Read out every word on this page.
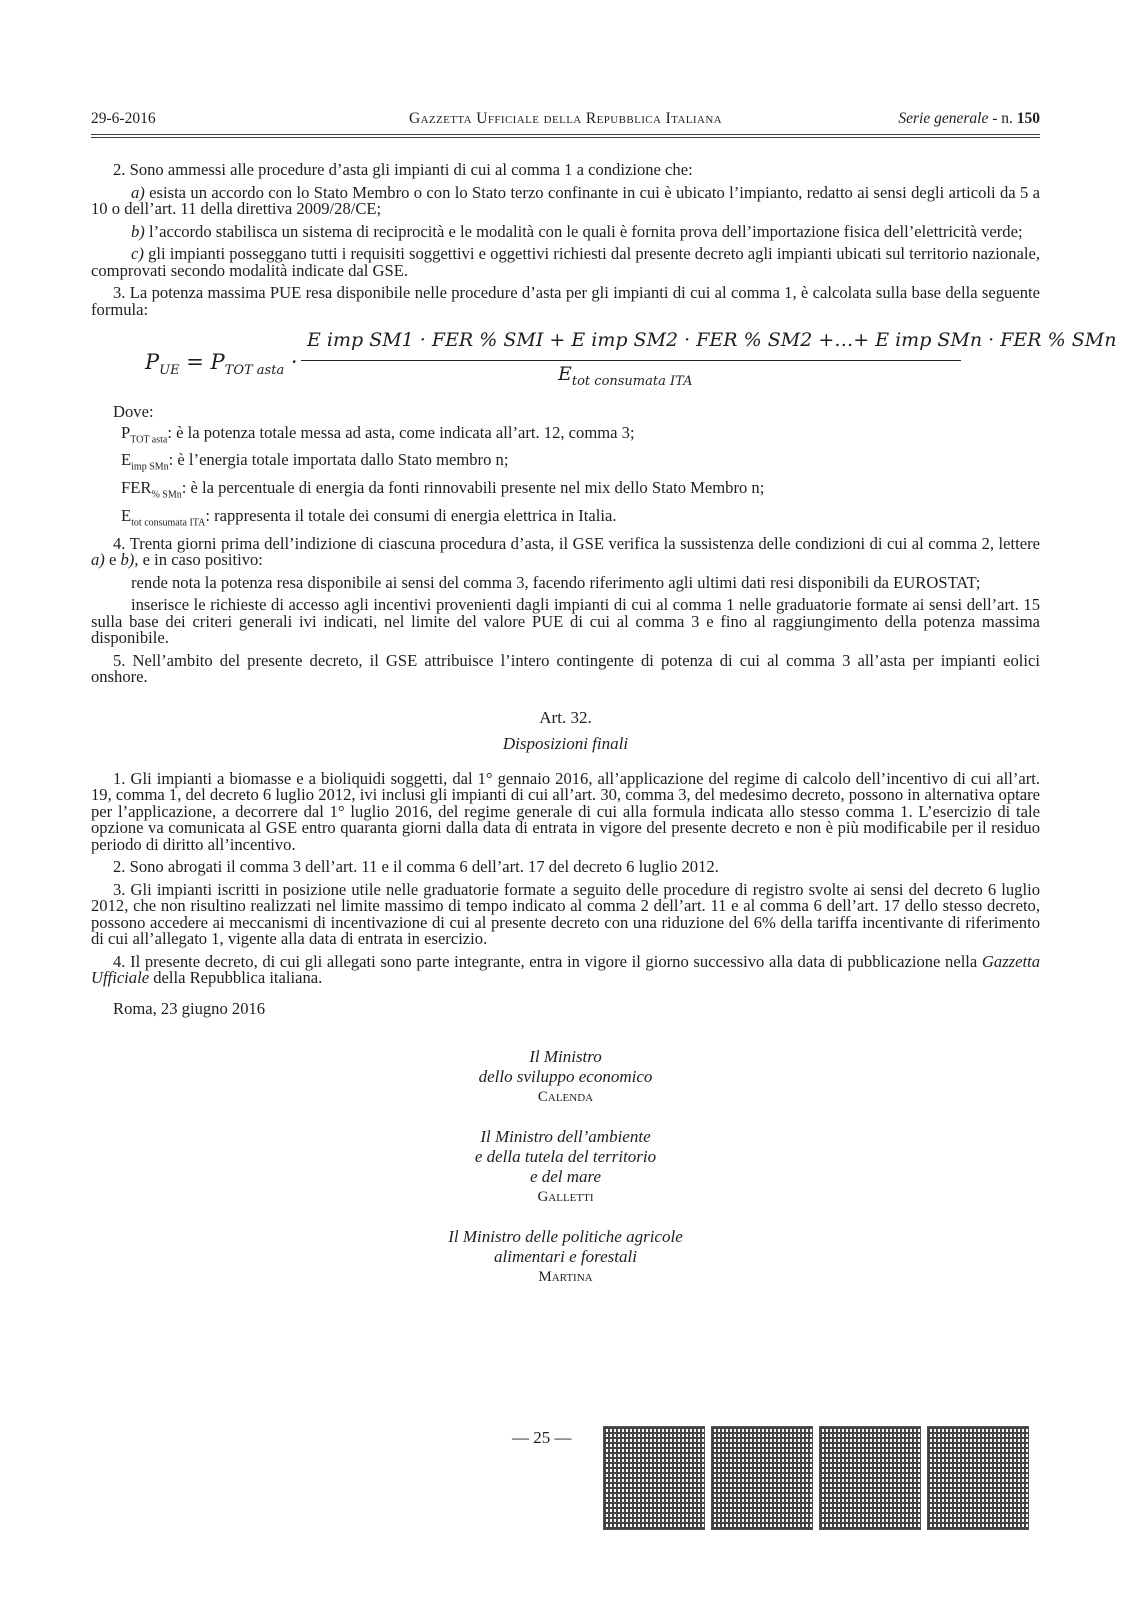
29-6-2016	Gazzetta Ufficiale della Repubblica Italiana	Serie generale - n. 150

2. Sono ammessi alle procedure d’asta gli impianti di cui al comma 1 a condizione che:

a) esista un accordo con lo Stato Membro o con lo Stato terzo confinante in cui è ubicato l’impianto, redatto ai sensi degli articoli da 5 a 10 o dell’art. 11 della direttiva 2009/28/CE;

b) l’accordo stabilisca un sistema di reciprocità e le modalità con le quali è fornita prova dell’importazione fisica dell’elettricità verde;

c) gli impianti posseggano tutti i requisiti soggettivi e oggettivi richiesti dal presente decreto agli impianti ubicati sul territorio nazionale, comprovati secondo modalità indicate dal GSE.

3. La potenza massima PUE resa disponibile nelle procedure d’asta per gli impianti di cui al comma 1, è calcolata sulla base della seguente formula:

$P_{UE} = P_{TOT asta}$ ·
E imp SM1 · FER % SMI + E imp SM2 · FER % SM2 +…+ E imp SMn · FER % SMn
$E_{tot consumata ITA}$

Dove:

$P_{TOT asta}$: è la potenza totale messa ad asta, come indicata all’art. 12, comma 3;

$E_{imp SMn}$: è l’energia totale importata dallo Stato membro n;

$FER_{\% SMn}$: è la percentuale di energia da fonti rinnovabili presente nel mix dello Stato Membro n;

$E_{tot consumata ITA}$: rappresenta il totale dei consumi di energia elettrica in Italia.

4. Trenta giorni prima dell’indizione di ciascuna procedura d’asta, il GSE verifica la sussistenza delle condizioni di cui al comma 2, lettere a) e b), e in caso positivo:

rende nota la potenza resa disponibile ai sensi del comma 3, facendo riferimento agli ultimi dati resi disponibili da EUROSTAT;

inserisce le richieste di accesso agli incentivi provenienti dagli impianti di cui al comma 1 nelle graduatorie formate ai sensi dell’art. 15 sulla base dei criteri generali ivi indicati, nel limite del valore PUE di cui al comma 3 e fino al raggiungimento della potenza massima disponibile.

5. Nell’ambito del presente decreto, il GSE attribuisce l’intero contingente di potenza di cui al comma 3 all’asta per impianti eolici onshore.

Art. 32.
Disposizioni finali

1. Gli impianti a biomasse e a bioliquidi soggetti, dal 1° gennaio 2016, all’applicazione del regime di calcolo dell’incentivo di cui all’art. 19, comma 1, del decreto 6 luglio 2012, ivi inclusi gli impianti di cui all’art. 30, comma 3, del medesimo decreto, possono in alternativa optare per l’applicazione, a decorrere dal 1° luglio 2016, del regime generale di cui alla formula indicata allo stesso comma 1. L’esercizio di tale opzione va comunicata al GSE entro quaranta giorni dalla data di entrata in vigore del presente decreto e non è più modificabile per il residuo periodo di diritto all’incentivo.

2. Sono abrogati il comma 3 dell’art. 11 e il comma 6 dell’art. 17 del decreto 6 luglio 2012.

3. Gli impianti iscritti in posizione utile nelle graduatorie formate a seguito delle procedure di registro svolte ai sensi del decreto 6 luglio 2012, che non risultino realizzati nel limite massimo di tempo indicato al comma 2 dell’art. 11 e al comma 6 dell’art. 17 dello stesso decreto, possono accedere ai meccanismi di incentivazione di cui al presente decreto con una riduzione del 6% della tariffa incentivante di riferimento di cui all’allegato 1, vigente alla data di entrata in esercizio.

4. Il presente decreto, di cui gli allegati sono parte integrante, entra in vigore il giorno successivo alla data di pubblicazione nella Gazzetta Ufficiale della Repubblica italiana.

Roma, 23 giugno 2016

Il Ministro
dello sviluppo economico
Calenda
Il Ministro dell’ambiente
e della tutela del territorio
e del mare
Galletti
Il Ministro delle politiche agricole
alimentari e forestali
Martina
— 25 —
